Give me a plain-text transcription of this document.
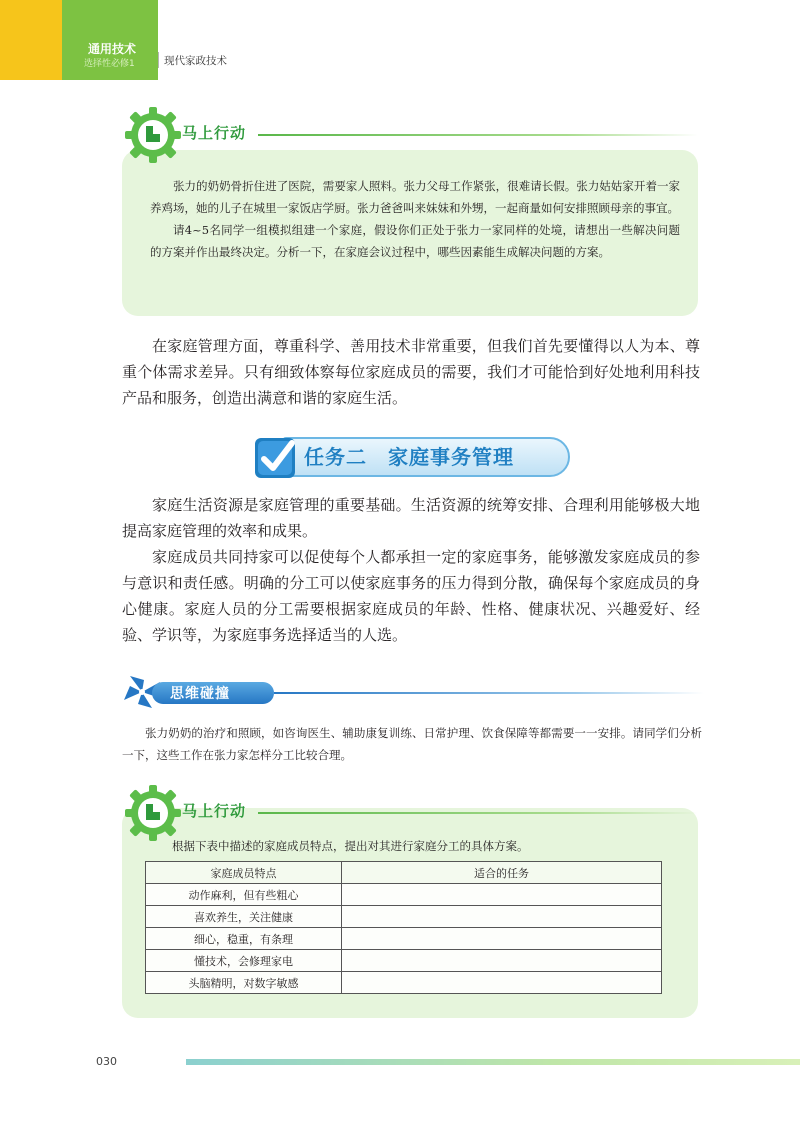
通用技术
选择性必修1	现代家政技术
马上行动

张力的奶奶骨折住进了医院，需要家人照料。张力父母工作紧张，很难请长假。张力姑姑家开着一家养鸡场，她的儿子在城里一家饭店学厨。张力爸爸叫来妹妹和外甥，一起商量如何安排照顾母亲的事宜。

请4~5名同学一组模拟组建一个家庭，假设你们正处于张力一家同样的处境，请想出一些解决问题的方案并作出最终决定。分析一下，在家庭会议过程中，哪些因素能生成解决问题的方案。

在家庭管理方面，尊重科学、善用技术非常重要，但我们首先要懂得以人为本、尊重个体需求差异。只有细致体察每位家庭成员的需要，我们才可能恰到好处地利用科技产品和服务，创造出满意和谐的家庭生活。

任务二　家庭事务管理

家庭生活资源是家庭管理的重要基础。生活资源的统筹安排、合理利用能够极大地提高家庭管理的效率和成果。

家庭成员共同持家可以促使每个人都承担一定的家庭事务，能够激发家庭成员的参与意识和责任感。明确的分工可以使家庭事务的压力得到分散，确保每个家庭成员的身心健康。家庭人员的分工需要根据家庭成员的年龄、性格、健康状况、兴趣爱好、经验、学识等，为家庭事务选择适当的人选。

思维碰撞

张力奶奶的治疗和照顾，如咨询医生、辅助康复训练、日常护理、饮食保障等都需要一一安排。请同学们分析一下，这些工作在张力家怎样分工比较合理。

马上行动
根据下表中描述的家庭成员特点，提出对其进行家庭分工的具体方案。
家庭成员特点	适合的任务
动作麻利，但有些粗心	
喜欢养生，关注健康	
细心，稳重，有条理	
懂技术，会修理家电	
头脑精明，对数字敏感	
030
